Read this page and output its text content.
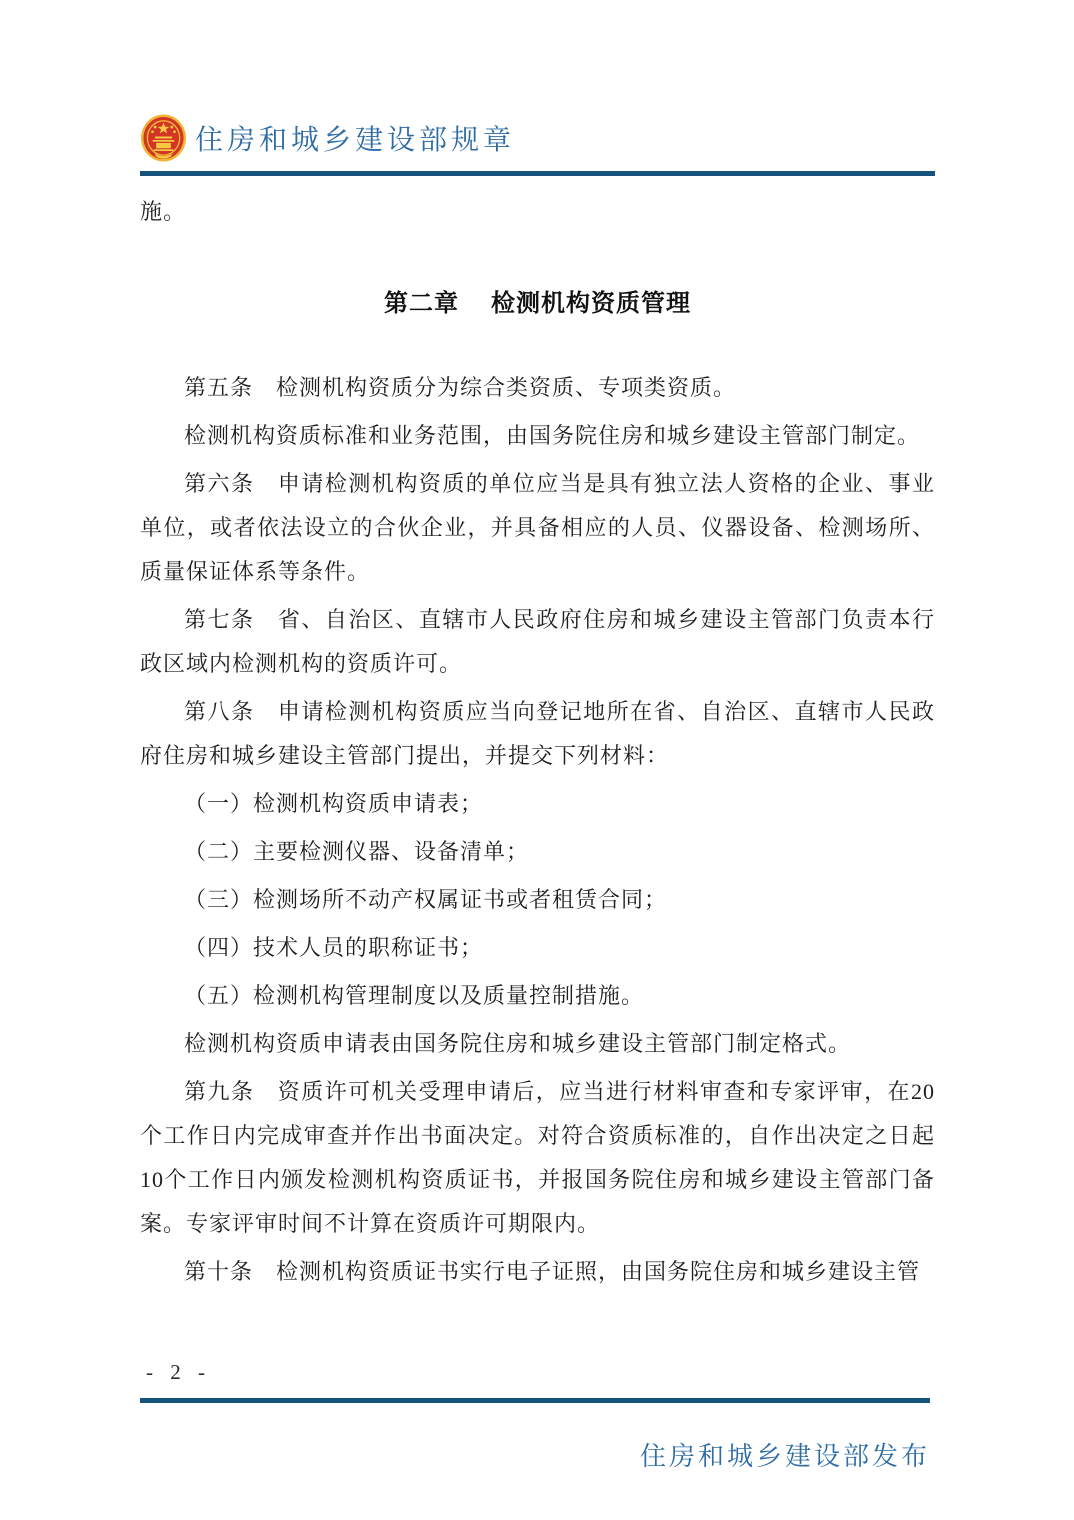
住房和城乡建设部规章

施。

第二章 检测机构资质管理

第五条　检测机构资质分为综合类资质、专项类资质。

检测机构资质标准和业务范围，由国务院住房和城乡建设主管部门制定。

第六条　申请检测机构资质的单位应当是具有独立法人资格的企业、事业单位，或者依法设立的合伙企业，并具备相应的人员、仪器设备、检测场所、质量保证体系等条件。

第七条　省、自治区、直辖市人民政府住房和城乡建设主管部门负责本行政区域内检测机构的资质许可。

第八条　申请检测机构资质应当向登记地所在省、自治区、直辖市人民政府住房和城乡建设主管部门提出，并提交下列材料：

（一）检测机构资质申请表；

（二）主要检测仪器、设备清单；

（三）检测场所不动产权属证书或者租赁合同；

（四）技术人员的职称证书；

（五）检测机构管理制度以及质量控制措施。

检测机构资质申请表由国务院住房和城乡建设主管部门制定格式。

第九条　资质许可机关受理申请后，应当进行材料审查和专家评审，在20个工作日内完成审查并作出书面决定。对符合资质标准的，自作出决定之日起10个工作日内颁发检测机构资质证书，并报国务院住房和城乡建设主管部门备案。专家评审时间不计算在资质许可期限内。

第十条　检测机构资质证书实行电子证照，由国务院住房和城乡建设主管

- 2 -
住房和城乡建设部发布
